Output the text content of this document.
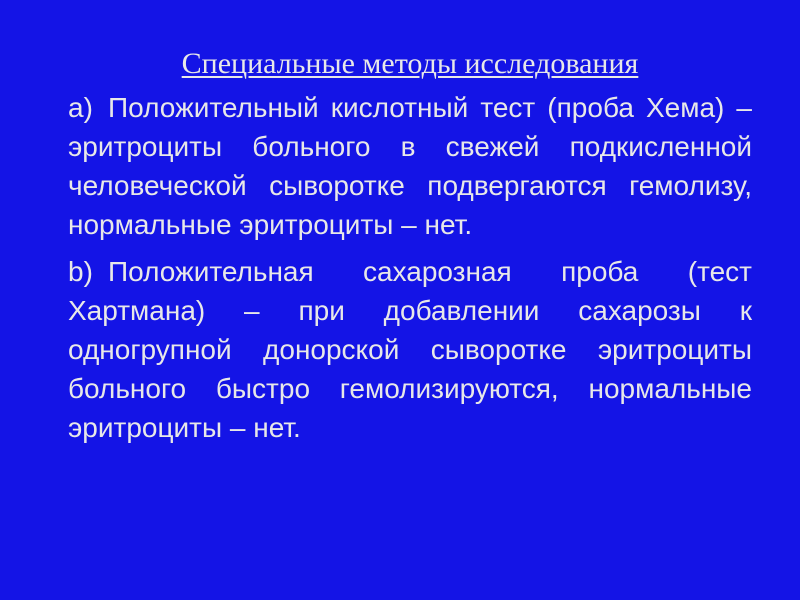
Специальные методы исследования

а) Положительный кислотный тест (проба Хема) – эритроциты больного в свежей подкисленной человеческой сыворотке подвергаются гемолизу, нормальные эритроциты – нет.

b) Положительная сахарозная проба (тест Хартмана) – при добавлении сахарозы к одногрупной донорской сыворотке эритроциты больного быстро гемолизируются, нормальные эритроциты – нет.
